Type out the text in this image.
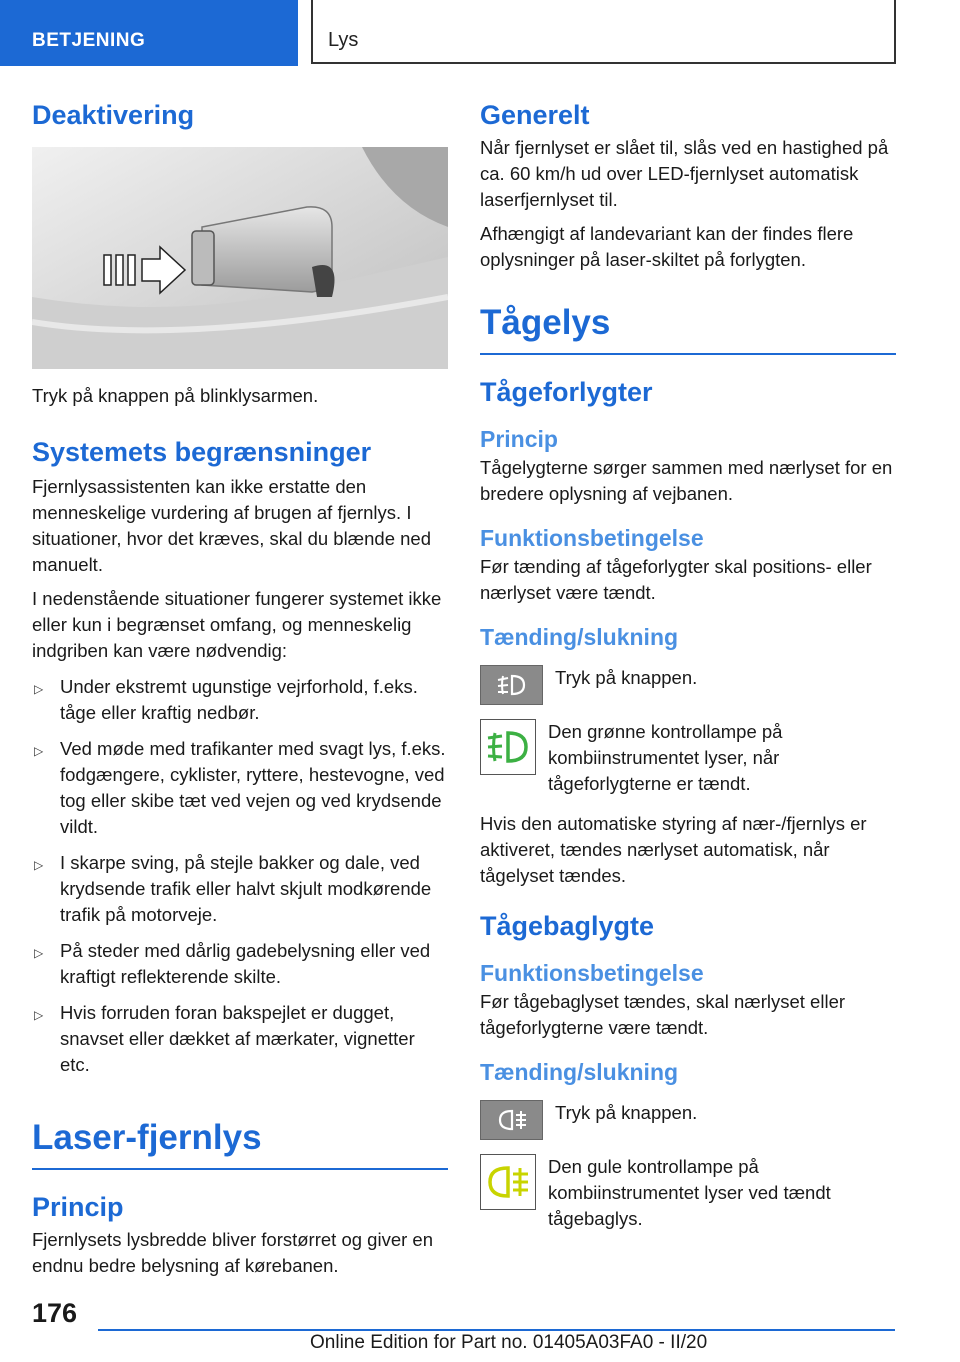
BETJENING	Lys
Deaktivering

Tryk på knappen på blinklysarmen.

Systemets begrænsninger

Fjernlysassistenten kan ikke erstatte den menneskelige vurdering af brugen af fjernlys. I situationer, hvor det kræves, skal du blænde ned manuelt.

I nedenstående situationer fungerer systemet ikke eller kun i begrænset omfang, og menneskelig indgriben kan være nødvendig:

▷ Under ekstremt ugunstige vejrforhold, f.eks. tåge eller kraftig nedbør.
▷ Ved møde med trafikanter med svagt lys, f.eks. fodgængere, cyklister, ryttere, hestevogne, ved tog eller skibe tæt ved vejen og ved krydsende vildt.
▷ I skarpe sving, på stejle bakker og dale, ved krydsende trafik eller halvt skjult modkørende trafik på motorveje.
▷ På steder med dårlig gadebelysning eller ved kraftigt reflekterende skilte.
▷ Hvis forruden foran bakspejlet er dugget, snavset eller dækket af mærkater, vignetter etc.
Laser-fjernlys
Princip

Fjernlysets lysbredde bliver forstørret og giver en endnu bedre belysning af kørebanen.

Generelt

Når fjernlyset er slået til, slås ved en hastighed på ca. 60 km/h ud over LED-fjernlyset automatisk laserfjernlyset til.

Afhængigt af landevariant kan der findes flere oplysninger på laser-skiltet på forlygten.

Tågelys
Tågeforlygter
Princip

Tågelygterne sørger sammen med nærlyset for en bredere oplysning af vejbanen.

Funktionsbetingelse

Før tænding af tågeforlygter skal positions- eller nærlyset være tændt.

Tænding/slukning

Tryk på knappen.

Den grønne kontrollampe på kombiinstrumentet lyser, når tågeforlygterne er tændt.

Hvis den automatiske styring af nær-/fjernlys er aktiveret, tændes nærlyset automatisk, når tågelyset tændes.

Tågebaglygte
Funktionsbetingelse

Før tågebaglyset tændes, skal nærlyset eller tågeforlygterne være tændt.

Tænding/slukning

Tryk på knappen.

Den gule kontrollampe på kombiinstrumentet lyser ved tændt tågebaglys.

176
Online Edition for Part no. 01405A03FA0 - II/20
